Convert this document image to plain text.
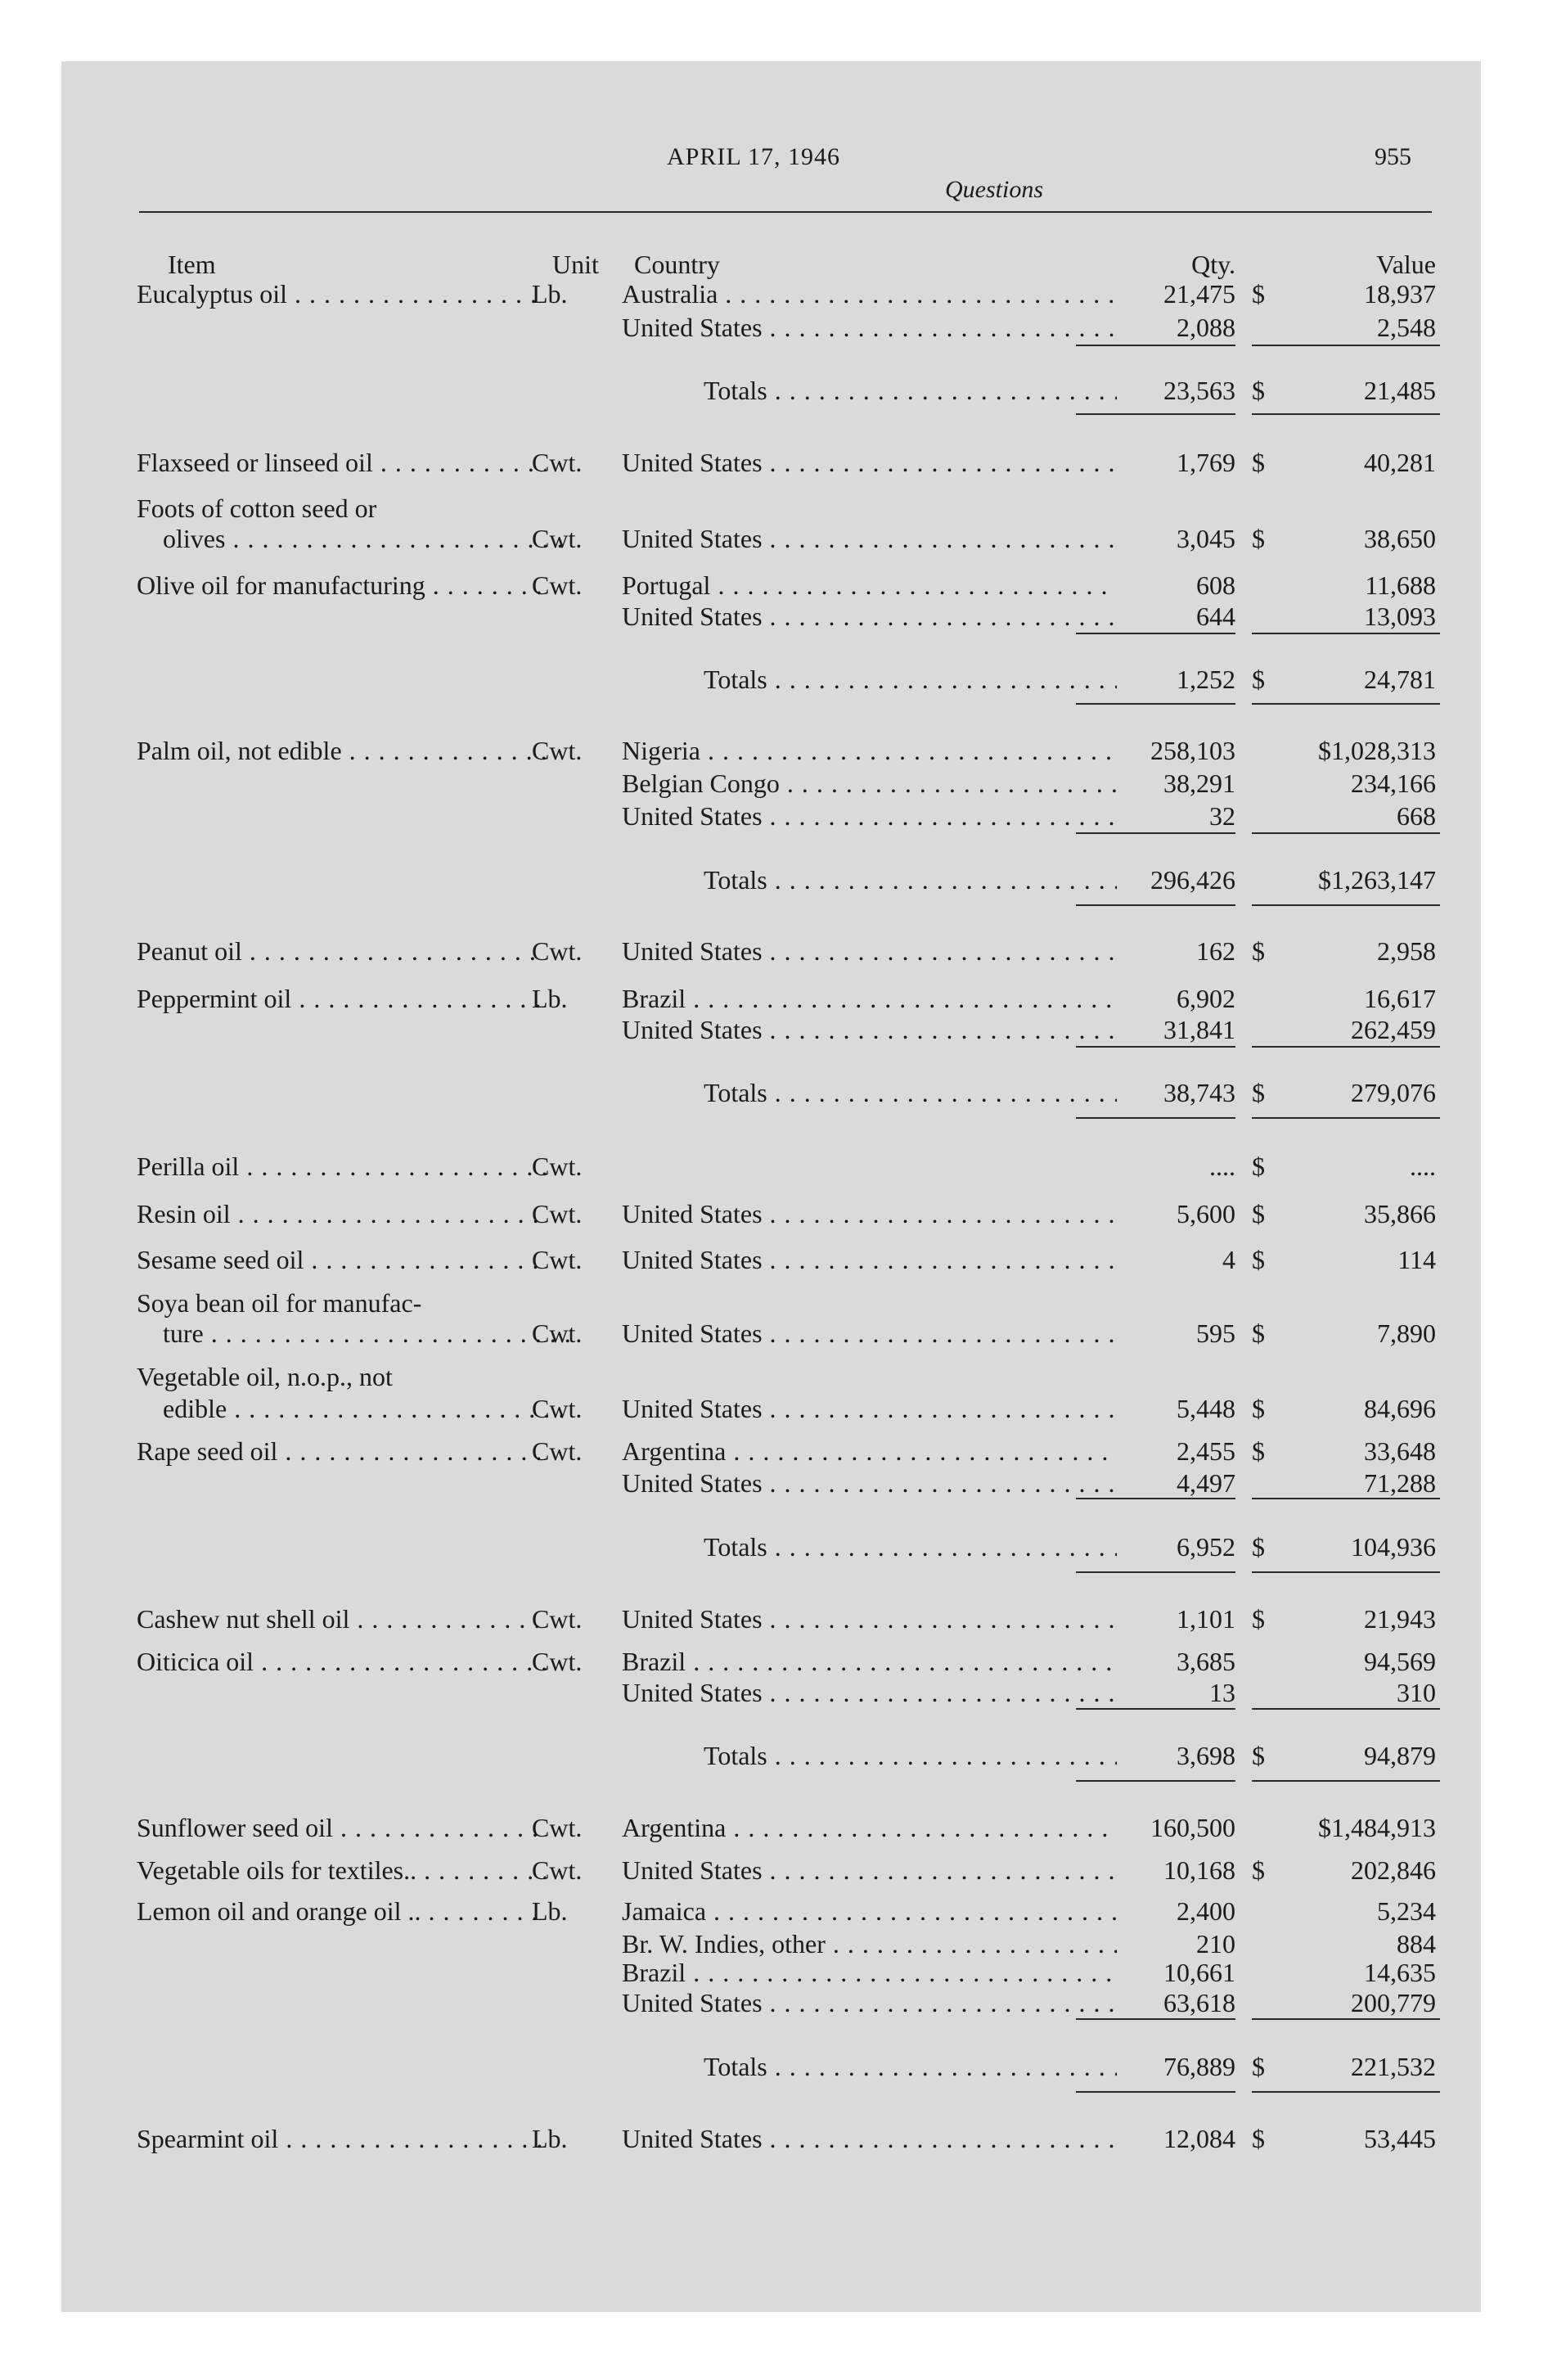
APRIL 17, 1946
Questions
955
Item	Unit	Country	Qty.	Value
Eucalyptus oil . . .	Lb.	Australia . . .	21,475 $	18,937
United States . . .	2,088	2,548
Totals . . .	23,563 $	21,485
Flaxseed or linseed oil . . .	Cwt.	United States . . .	1,769 $	40,281
Foots of cotton seed or
olives . . .	Cwt.	United States . . .	3,045 $	38,650
Olive oil for manufacturing . . .	Cwt.	Portugal . . .	608	11,688
United States . . .	644	13,093
Totals . . .	1,252 $	24,781
Palm oil, not edible . . .	Cwt.	Nigeria . . .	258,103	$1,028,313
Belgian Congo . . .	38,291	234,166
United States . . .	32	668
Totals . . .	296,426	$1,263,147
Peanut oil . . .	Cwt.	United States . . .	162 $	2,958
Peppermint oil . . .	Lb.	Brazil . . .	6,902	16,617
United States . . .	31,841	262,459
Totals . . .	38,743 $	279,076
Perilla oil . . .	Cwt.	.... $	....
Resin oil . . .	Cwt.	United States . . .	5,600 $	35,866
Sesame seed oil . . .	Cwt.	United States . . .	4 $	114
Soya bean oil for manufac-
ture . . .	Cwt.	United States . . .	595 $	7,890
Vegetable oil, n.o.p., not
edible . . .	Cwt.	United States . . .	5,448 $	84,696
Rape seed oil . . .	Cwt.	Argentina . . .	2,455 $	33,648
United States . . .	4,497	71,288
Totals . . .	6,952 $	104,936
Cashew nut shell oil . . .	Cwt.	United States . . .	1,101 $	21,943
Oiticica oil . . .	Cwt.	Brazil . . .	3,685	94,569
United States . . .	13	310
Totals . . .	3,698 $	94,879
Sunflower seed oil . . .	Cwt.	Argentina . . .	160,500	$1,484,913
Vegetable oils for textiles.. . . .	Cwt.	United States . . .	10,168 $	202,846
Lemon oil and orange oil .. . . .	Lb.	Jamaica . . .	2,400	5,234
Br. W. Indies, other . . .	210	884
Brazil . . .	10,661	14,635
United States . . .	63,618	200,779
Totals . . .	76,889 $	221,532
Spearmint oil . . .	Lb.	United States . . .	12,084 $	53,445
